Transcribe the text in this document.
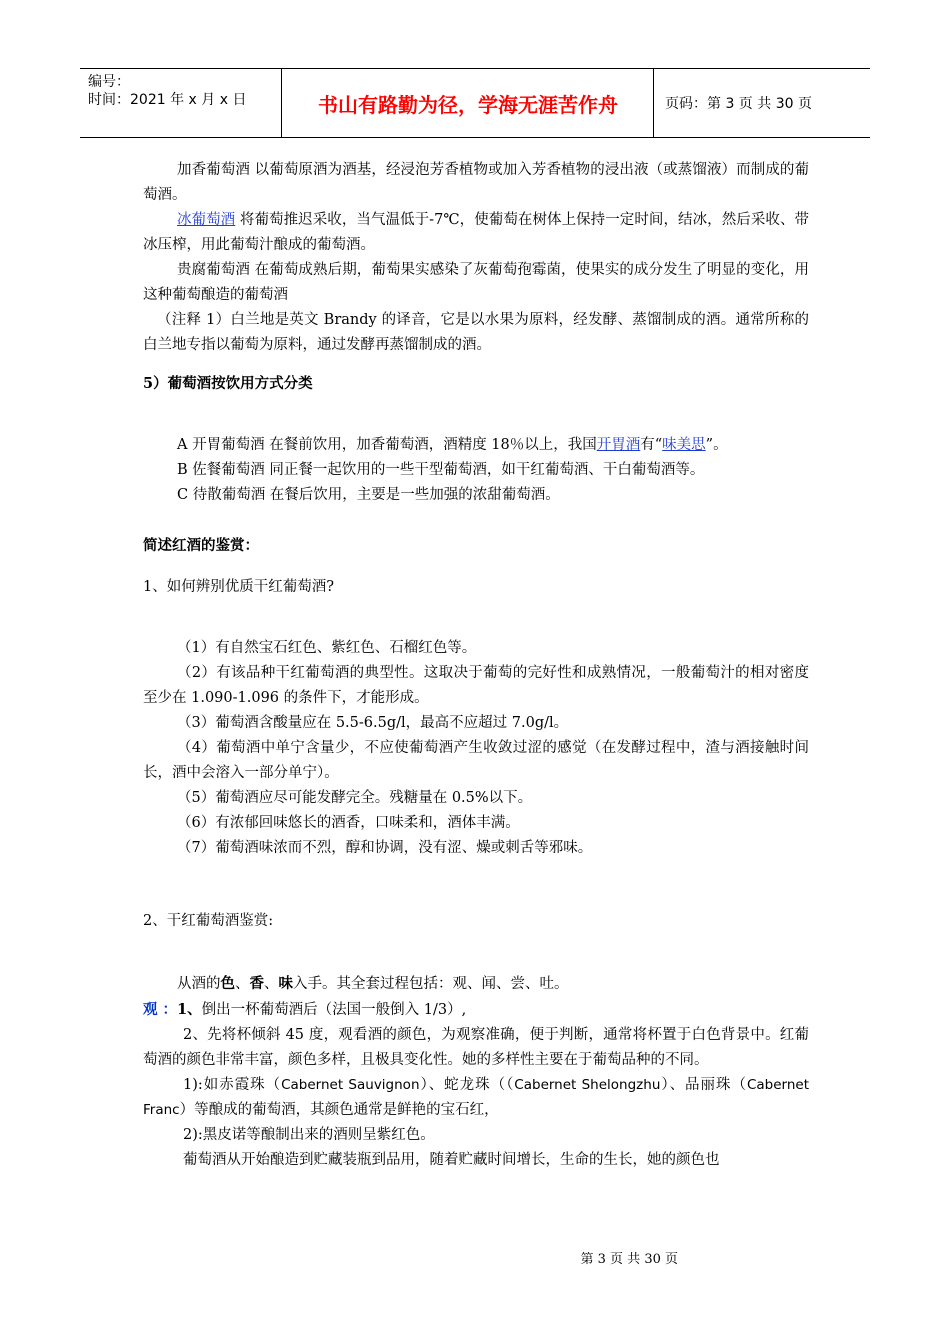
编号：
时间：2021 年 x 月 x 日	书山有路勤为径，学海无涯苦作舟	页码：第 3 页 共 30 页

加香葡萄酒 以葡萄原酒为酒基，经浸泡芳香植物或加入芳香植物的浸出液（或蒸馏液）而制成的葡萄酒。

冰葡萄酒 将葡萄推迟采收，当气温低于-7℃，使葡萄在树体上保持一定时间，结冰，然后采收、带冰压榨，用此葡萄汁酿成的葡萄酒。

贵腐葡萄酒 在葡萄成熟后期，葡萄果实感染了灰葡萄孢霉菌，使果实的成分发生了明显的变化，用这种葡萄酿造的葡萄酒

（注释 1）白兰地是英文 Brandy 的译音，它是以水果为原料，经发酵、蒸馏制成的酒。通常所称的白兰地专指以葡萄为原料，通过发酵再蒸馏制成的酒。

5）葡萄酒按饮用方式分类

A 开胃葡萄酒 在餐前饮用，加香葡萄酒，酒精度 18％以上，我国开胃酒有“味美思”。

B 佐餐葡萄酒 同正餐一起饮用的一些干型葡萄酒，如干红葡萄酒、干白葡萄酒等。

C 待散葡萄酒 在餐后饮用，主要是一些加强的浓甜葡萄酒。

简述红酒的鉴赏：

1、如何辨别优质干红葡萄酒?

（1）有自然宝石红色、紫红色、石榴红色等。

（2）有该品种干红葡萄酒的典型性。这取决于葡萄的完好性和成熟情况，一般葡萄汁的相对密度至少在 1.090-1.096 的条件下，才能形成。

（3）葡萄酒含酸量应在 5.5-6.5g/l，最高不应超过 7.0g/l。

（4）葡萄酒中单宁含量少，不应使葡萄酒产生收敛过涩的感觉（在发酵过程中，渣与酒接触时间长，酒中会溶入一部分单宁）。

（5）葡萄酒应尽可能发酵完全。残糖量在 0.5%以下。

（6）有浓郁回味悠长的酒香，口味柔和，酒体丰满。

（7）葡萄酒味浓而不烈，醇和协调，没有涩、燥或刺舌等邪味。

2、干红葡萄酒鉴赏:

从酒的色、香、味入手。其全套过程包括：观、闻、尝、吐。

观 ：1、倒出一杯葡萄酒后（法国一般倒入 1/3）,

2、先将杯倾斜 45 度，观看酒的颜色，为观察准确，便于判断，通常将杯置于白色背景中。红葡萄酒的颜色非常丰富，颜色多样，且极具变化性。她的多样性主要在于葡萄品种的不同。

1):如赤霞珠（Cabernet Sauvignon）、蛇龙珠（（Cabernet Shelongzhu）、品丽珠（Cabernet Franc）等酿成的葡萄酒，其颜色通常是鲜艳的宝石红，

2):黑皮诺等酿制出来的酒则呈紫红色。

葡萄酒从开始酿造到贮藏装瓶到品用，随着贮藏时间增长，生命的生长，她的颜色也

第 3 页 共 30 页
